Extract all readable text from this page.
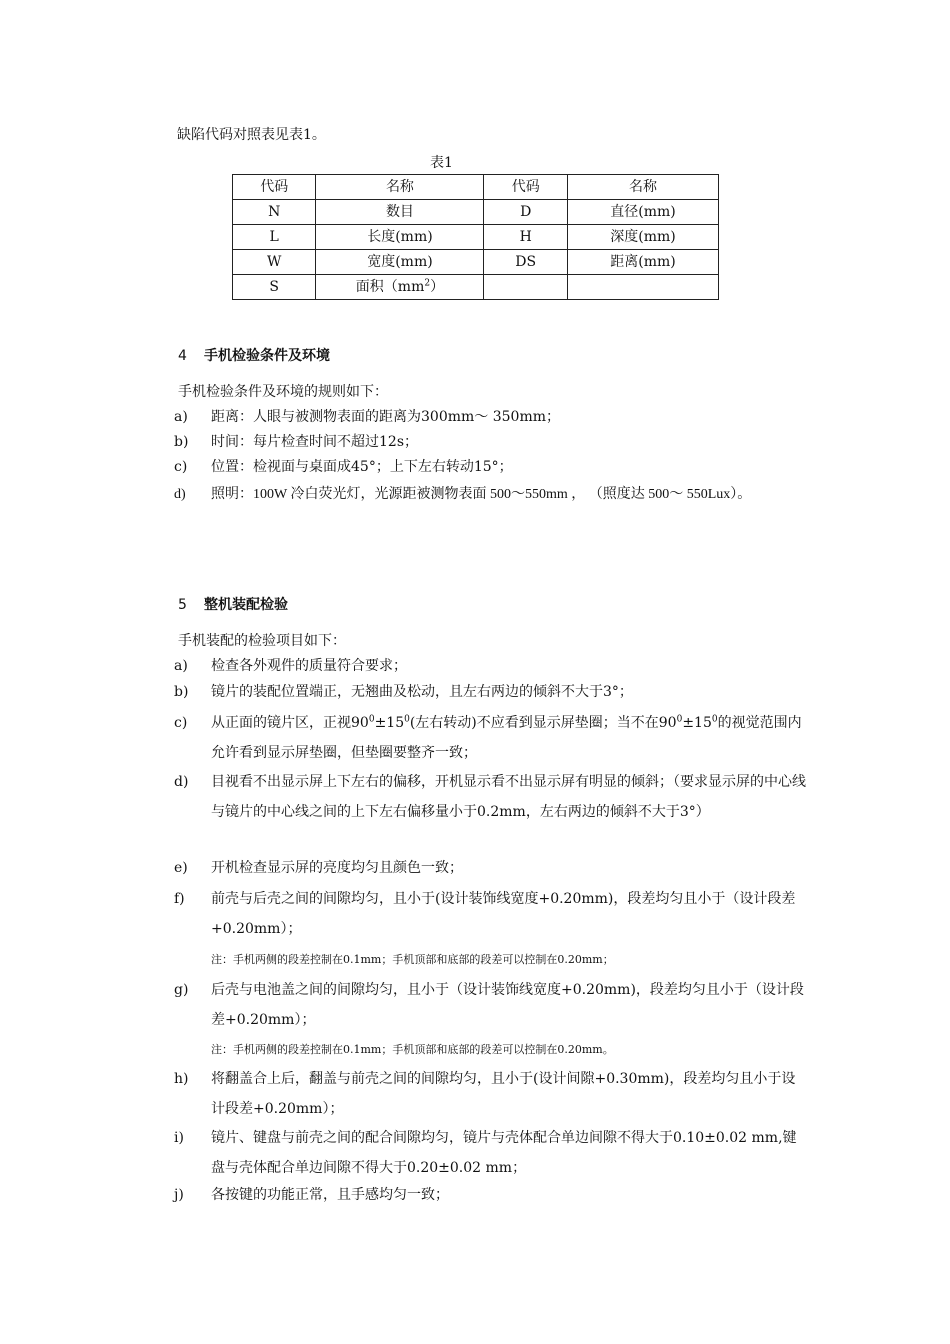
缺陷代码对照表见表1。
表1
代码	名称	代码	名称
N	数目	D	直径(mm)
L	长度(mm)	H	深度(mm)
W	宽度(mm)	DS	距离(mm)
S	面积$(mm^2)$		
4 手机检验条件及环境
手机检验条件及环境的规则如下：
a)	距离：人眼与被测物表面的距离为300mm～ 350mm；
b)	时间：每片检查时间不超过12s；
c)	位置：检视面与桌面成45°；上下左右转动15°；
d)	照明：100W 冷白荧光灯，光源距被测物表面 500～550mm ， （照度达 500～ 550Lux）。
5 整机装配检验
手机装配的检验项目如下：
a)	检查各外观件的质量符合要求；
b)	镜片的装配位置端正，无翘曲及松动，且左右两边的倾斜不大于3°；
c)	从正面的镜片区，正视$90^0\pm 15^0$(左右转动)不应看到显示屏垫圈；当不在$90^0\pm 15^0$的视觉范围内允许看到显示屏垫圈，但垫圈要整齐一致；
d)	目视看不出显示屏上下左右的偏移，开机显示看不出显示屏有明显的倾斜；（要求显示屏的中心线与镜片的中心线之间的上下左右偏移量小于0.2mm，左右两边的倾斜不大于3°）
e)	开机检查显示屏的亮度均匀且颜色一致；
f)	前壳与后壳之间的间隙均匀，且小于(设计装饰线宽度+0.20mm)，段差均匀且小于（设计段差+0.20mm）；
注：手机两侧的段差控制在0.1mm；手机顶部和底部的段差可以控制在0.20mm；
g)	后壳与电池盖之间的间隙均匀，且小于（设计装饰线宽度+0.20mm)，段差均匀且小于（设计段差+0.20mm）；
注：手机两侧的段差控制在0.1mm；手机顶部和底部的段差可以控制在0.20mm。
h)	将翻盖合上后，翻盖与前壳之间的间隙均匀，且小于(设计间隙+0.30mm)，段差均匀且小于设计段差+0.20mm）；
i)	镜片、键盘与前壳之间的配合间隙均匀，镜片与壳体配合单边间隙不得大于0.10±0.02 mm,键盘与壳体配合单边间隙不得大于0.20±0.02 mm；
j)	各按键的功能正常，且手感均匀一致；
